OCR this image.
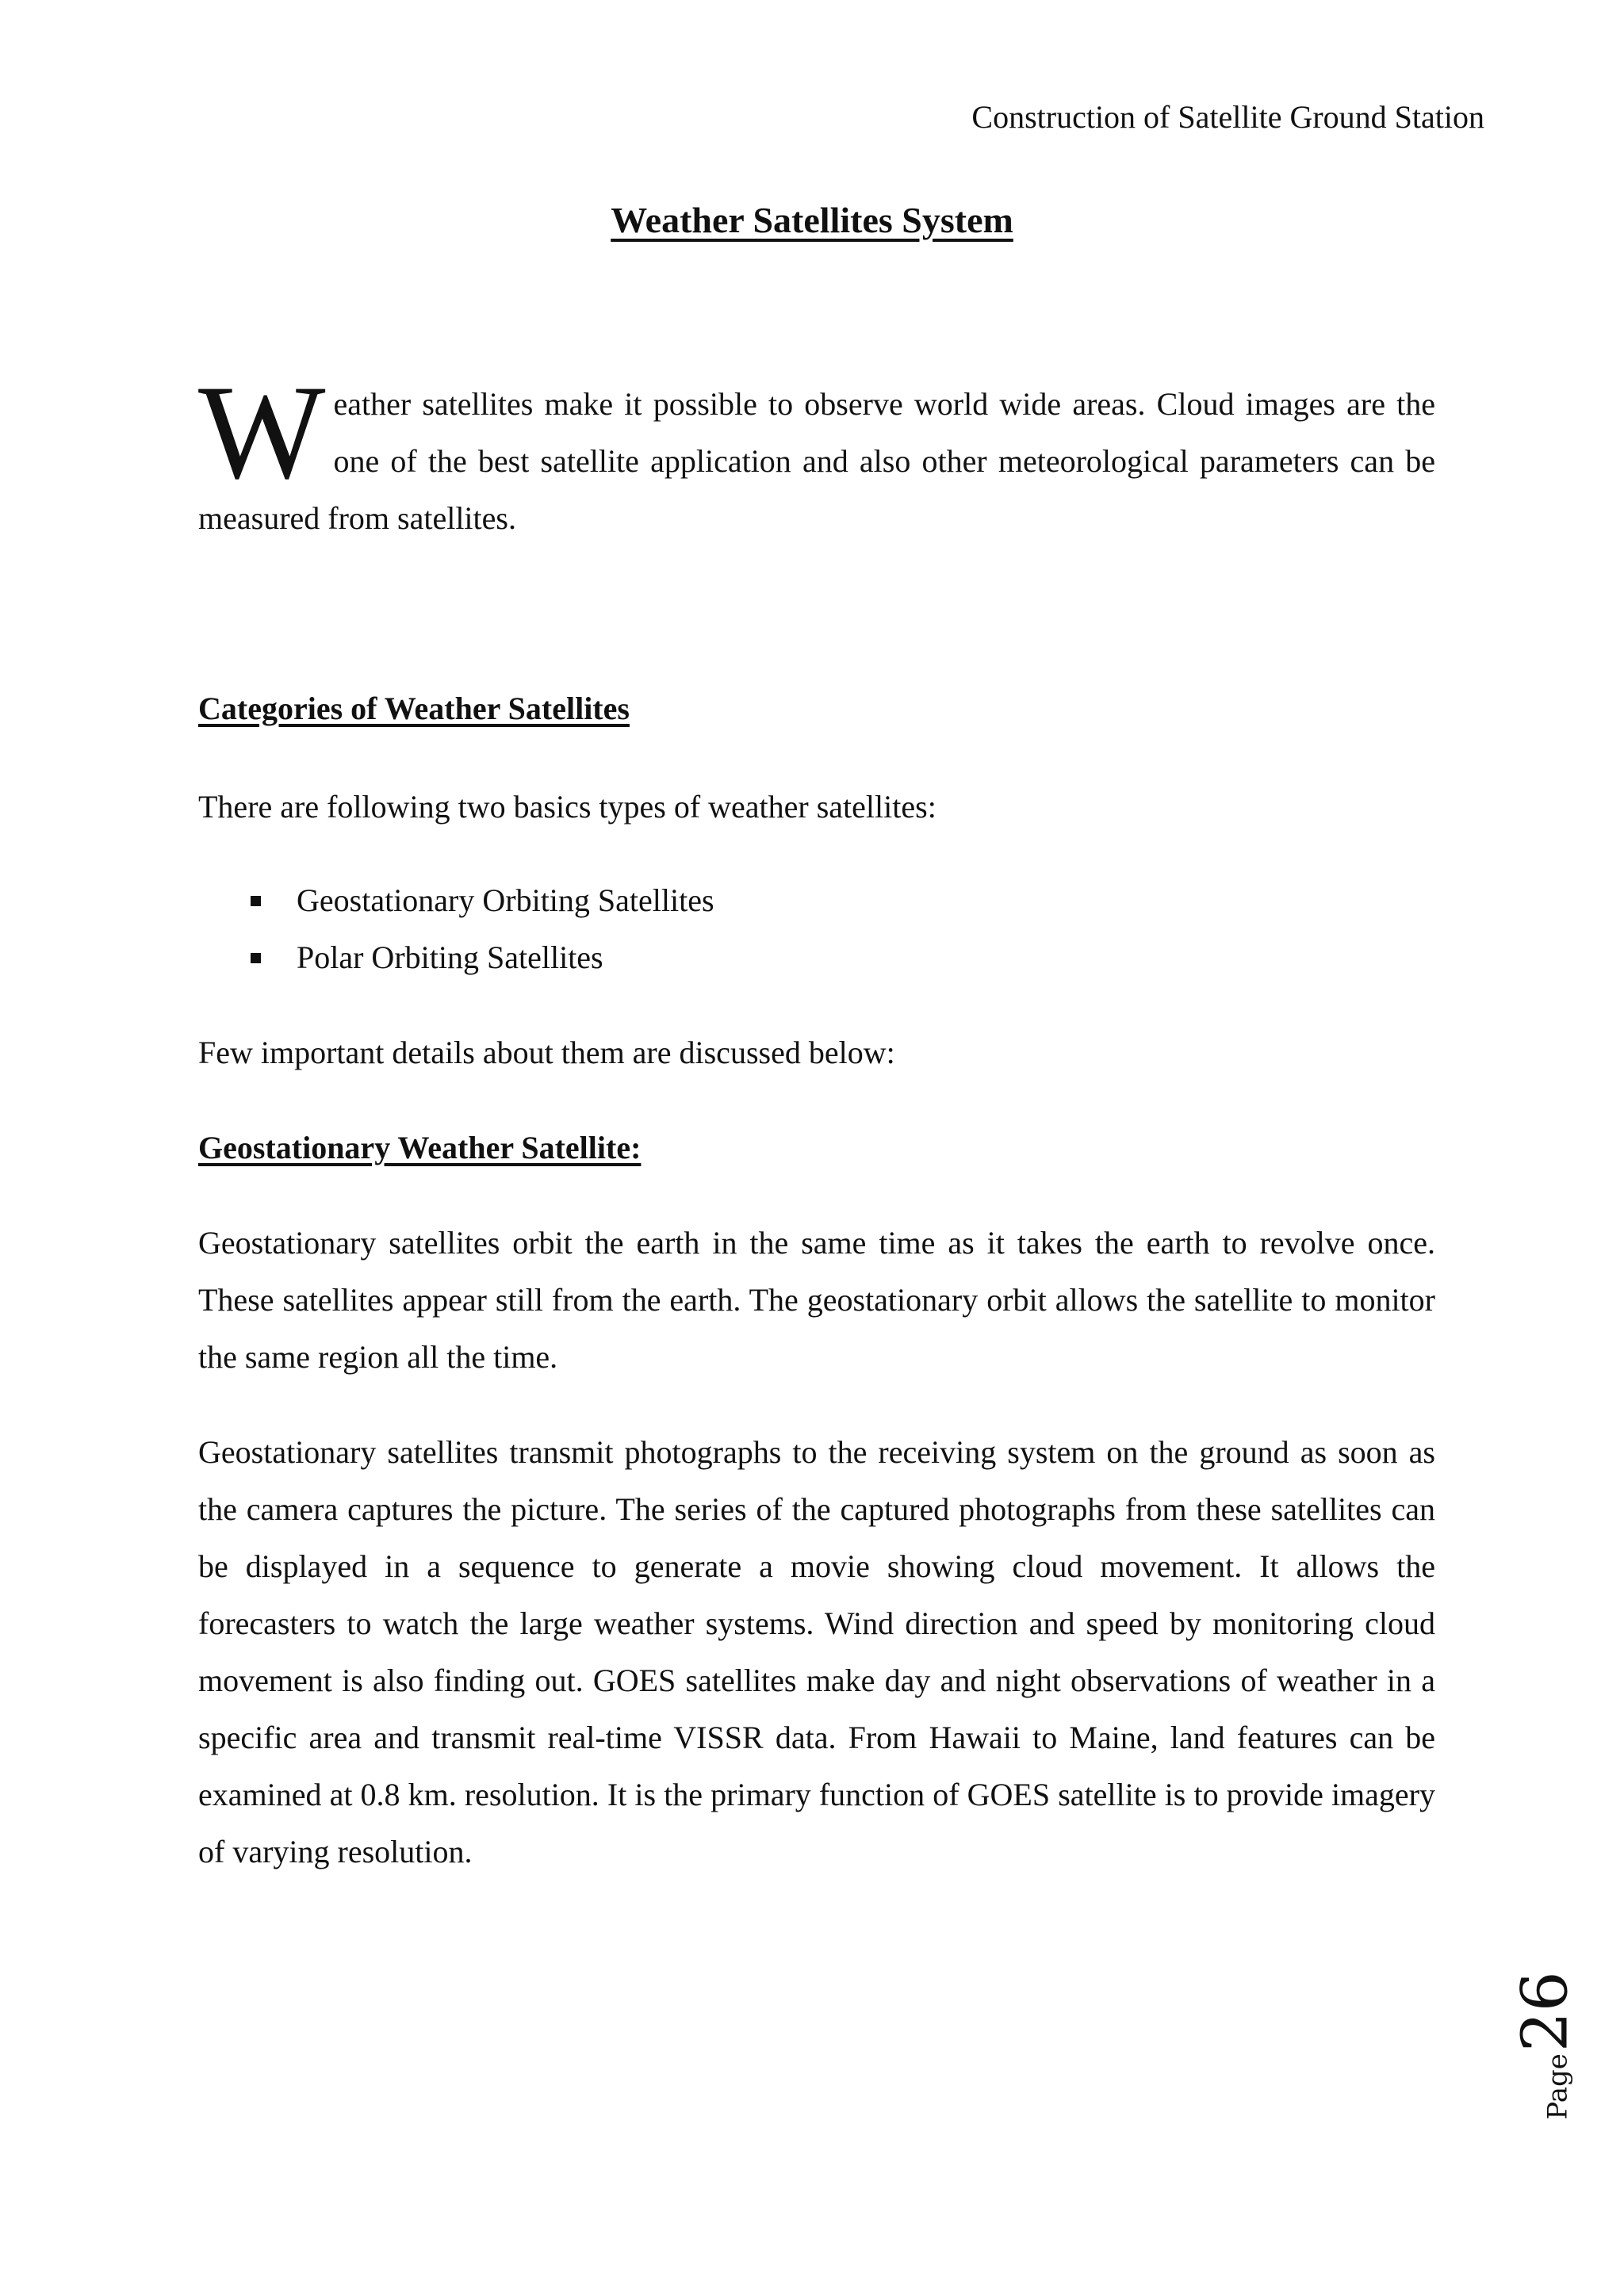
Construction of Satellite Ground Station
Weather Satellites System
Weather satellites make it possible to observe world wide areas. Cloud images are the one of the best satellite application and also other meteorological parameters can be measured from satellites.
Categories of Weather Satellites
There are following two basics types of weather satellites:
Geostationary Orbiting Satellites
Polar Orbiting Satellites
Few important details about them are discussed below:
Geostationary Weather Satellite:

Geostationary satellites orbit the earth in the same time as it takes the earth to revolve once. These satellites appear still from the earth. The geostationary orbit allows the satellite to monitor the same region all the time.

Geostationary satellites transmit photographs to the receiving system on the ground as soon as the camera captures the picture. The series of the captured photographs from these satellites can be displayed in a sequence to generate a movie showing cloud movement. It allows the forecasters to watch the large weather systems. Wind direction and speed by monitoring cloud movement is also finding out. GOES satellites make day and night observations of weather in a specific area and transmit real-time VISSR data. From Hawaii to Maine, land features can be examined at 0.8 km. resolution. It is the primary function of GOES satellite is to provide imagery of varying resolution.

Page
26
